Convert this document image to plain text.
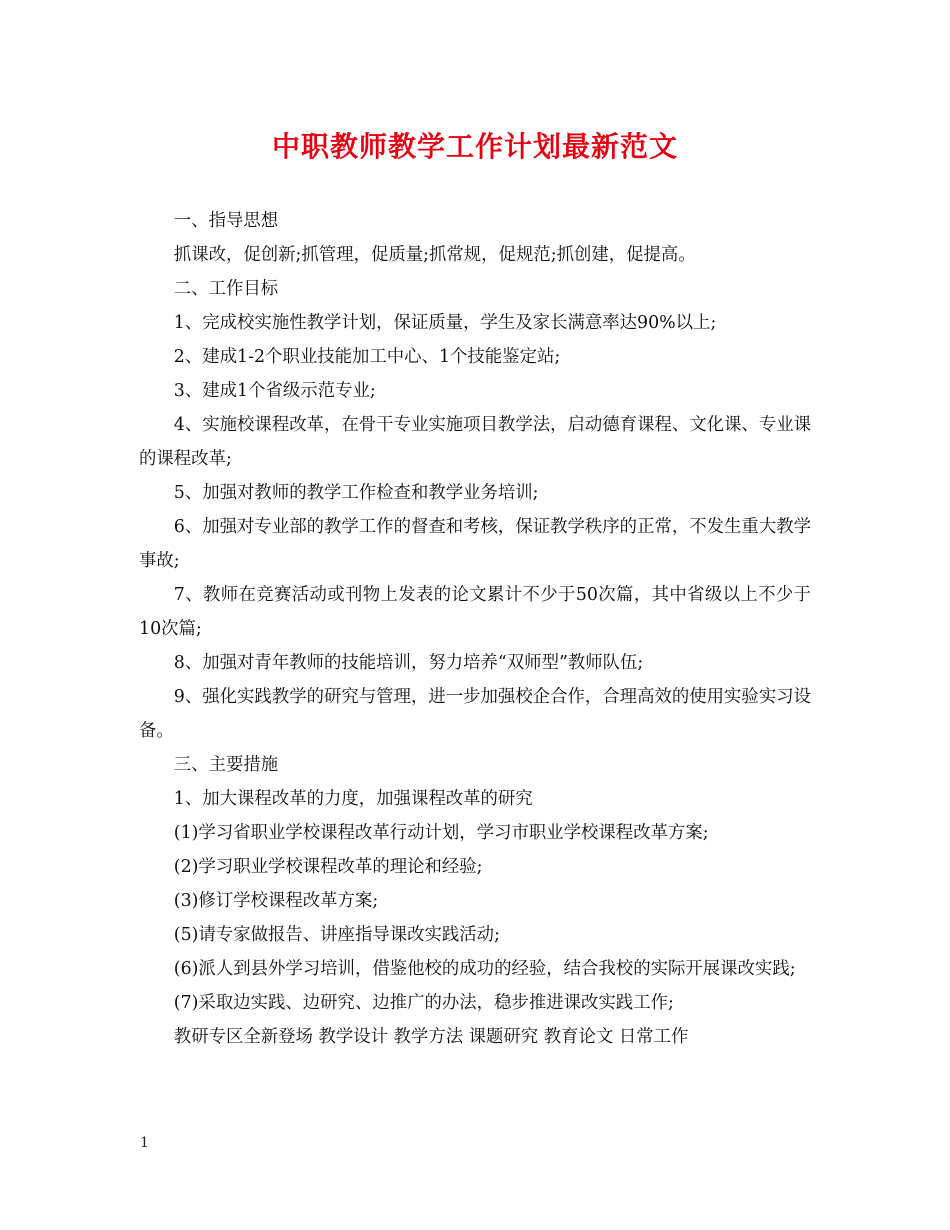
中职教师教学工作计划最新范文

一、指导思想

抓课改，促创新;抓管理，促质量;抓常规，促规范;抓创建，促提高。

二、工作目标

1、完成校实施性教学计划，保证质量，学生及家长满意率达90%以上;

2、建成1-2个职业技能加工中心、1个技能鉴定站;

3、建成1个省级示范专业;

4、实施校课程改革，在骨干专业实施项目教学法，启动德育课程、文化课、专业课的课程改革;

5、加强对教师的教学工作检查和教学业务培训;

6、加强对专业部的教学工作的督查和考核，保证教学秩序的正常，不发生重大教学事故;

7、教师在竞赛活动或刊物上发表的论文累计不少于50次篇，其中省级以上不少于10次篇;

8、加强对青年教师的技能培训，努力培养“双师型”教师队伍;

9、强化实践教学的研究与管理，进一步加强校企合作，合理高效的使用实验实习设备。

三、主要措施

1、加大课程改革的力度，加强课程改革的研究

(1)学习省职业学校课程改革行动计划，学习市职业学校课程改革方案;

(2)学习职业学校课程改革的理论和经验;

(3)修订学校课程改革方案;

(5)请专家做报告、讲座指导课改实践活动;

(6)派人到县外学习培训，借鉴他校的成功的经验，结合我校的实际开展课改实践;

(7)采取边实践、边研究、边推广的办法，稳步推进课改实践工作;

教研专区全新登场 教学设计 教学方法 课题研究 教育论文 日常工作

1
